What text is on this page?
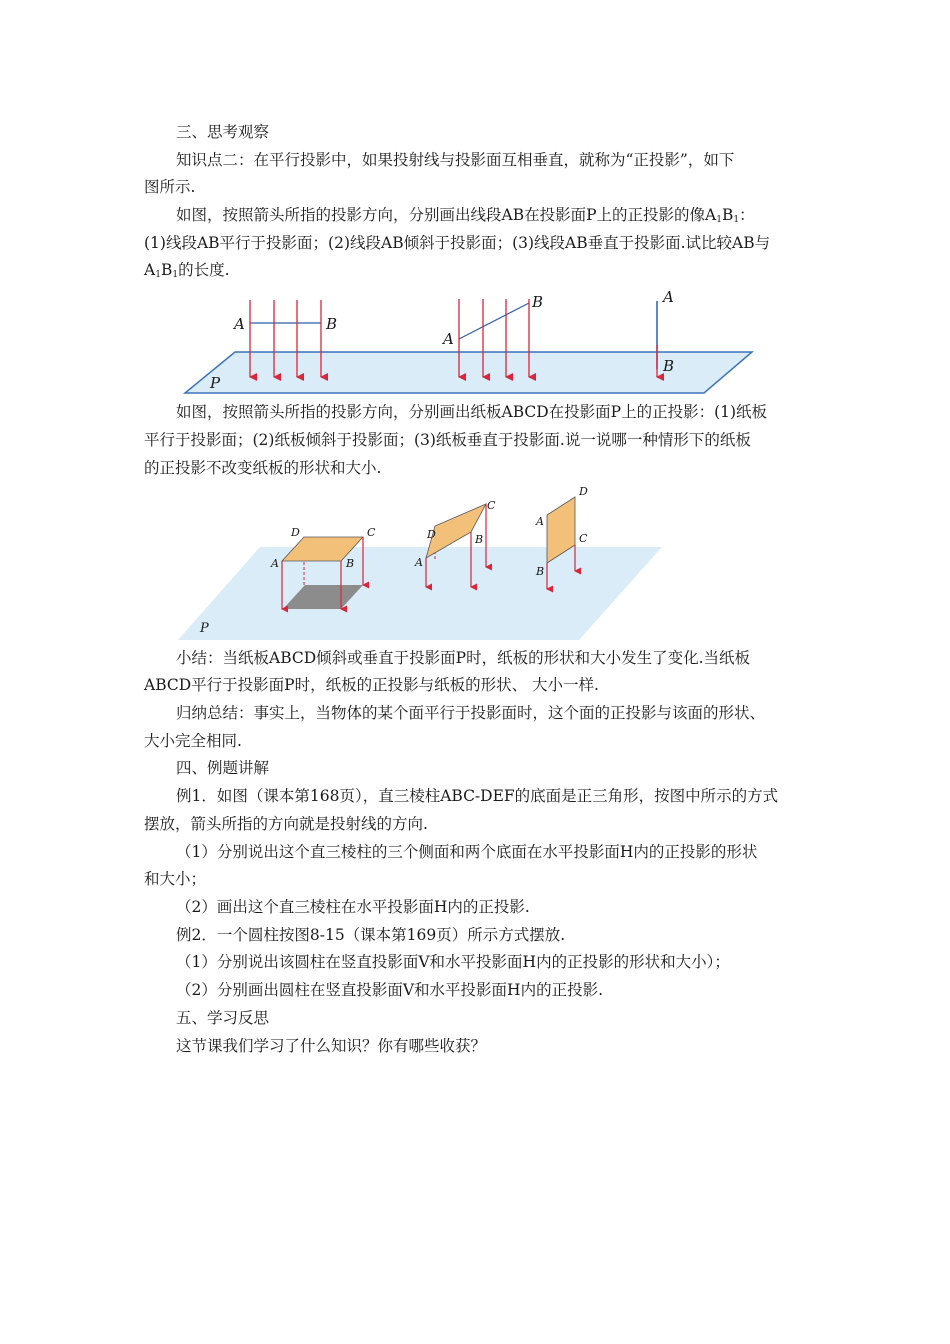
三、思考观察
知识点二：在平行投影中，如果投射线与投影面互相垂直，就称为“正投影”，如下
图所示.
如图，按照箭头所指的投影方向，分别画出线段AB在投影面P上的正投影的像$A_1B_1$：
(1)线段AB平行于投影面；(2)线段AB倾斜于投影面；(3)线段AB垂直于投影面.试比较AB与
$A_1B_1$的长度.
P
A	B
A
B	A
B
如图，按照箭头所指的投影方向，分别画出纸板ABCD在投影面P上的正投影：(1)纸板
平行于投影面；(2)纸板倾斜于投影面；(3)纸板垂直于投影面.说一说哪一种情形下的纸板
的正投影不改变纸板的形状和大小.
P
A	B
C
D
A
B
C
D
A
B
C
D
小结：当纸板ABCD倾斜或垂直于投影面P时，纸板的形状和大小发生了变化.当纸板
ABCD平行于投影面P时，纸板的正投影与纸板的形状、 大小一样.
归纳总结：事实上，当物体的某个面平行于投影面时，这个面的正投影与该面的形状、
大小完全相同.
四、例题讲解
例1．如图（课本第168页），直三棱柱ABC-DEF的底面是正三角形，按图中所示的方式
摆放，箭头所指的方向就是投射线的方向.
（1）分别说出这个直三棱柱的三个侧面和两个底面在水平投影面H内的正投影的形状
和大小；
（2）画出这个直三棱柱在水平投影面H内的正投影.
例2．一个圆柱按图8-15（课本第169页）所示方式摆放.
（1）分别说出该圆柱在竖直投影面V和水平投影面H内的正投影的形状和大小）；
（2）分别画出圆柱在竖直投影面V和水平投影面H内的正投影.
五、学习反思
这节课我们学习了什么知识？你有哪些收获？
